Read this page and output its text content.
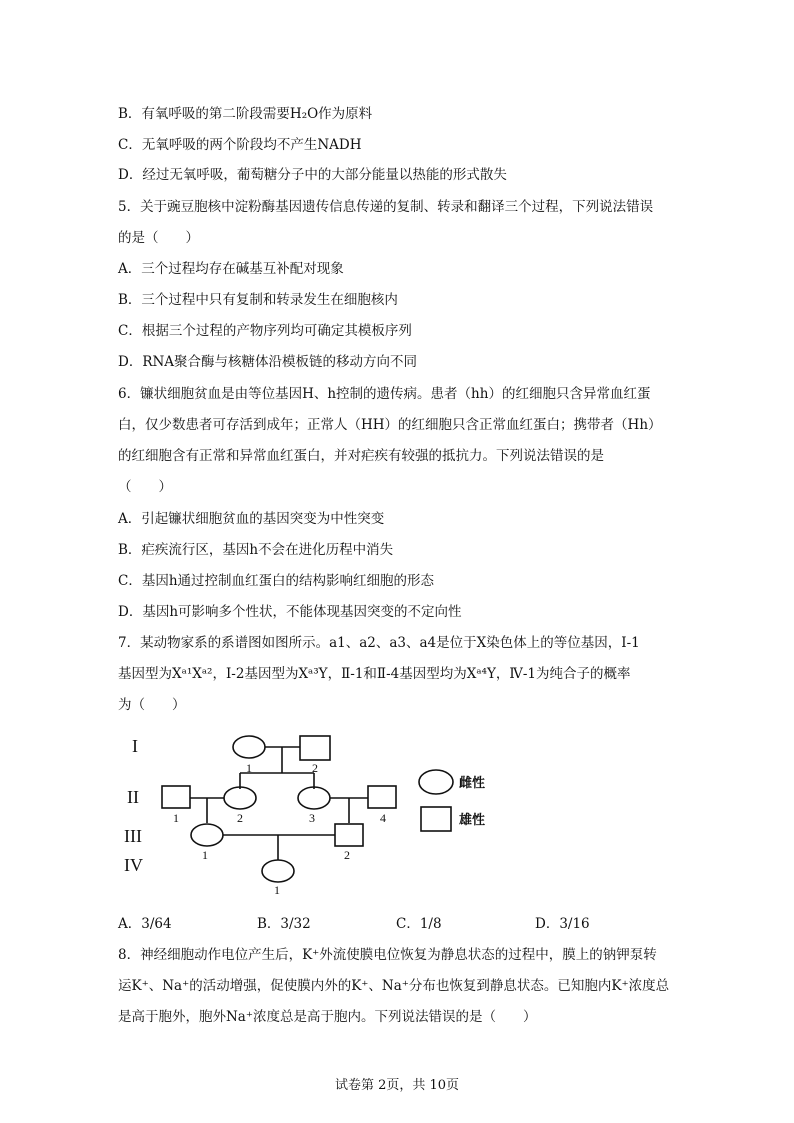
B．有氧呼吸的第二阶段需要H₂O作为原料
C．无氧呼吸的两个阶段均不产生NADH
D．经过无氧呼吸，葡萄糖分子中的大部分能量以热能的形式散失
5．关于豌豆胞核中淀粉酶基因遗传信息传递的复制、转录和翻译三个过程，下列说法错误
的是（　　）
A．三个过程均存在碱基互补配对现象
B．三个过程中只有复制和转录发生在细胞核内
C．根据三个过程的产物序列均可确定其模板序列
D．RNA聚合酶与核糖体沿模板链的移动方向不同
6．镰状细胞贫血是由等位基因H、h控制的遗传病。患者（hh）的红细胞只含异常血红蛋
白，仅少数患者可存活到成年；正常人（HH）的红细胞只含正常血红蛋白；携带者（Hh）
的红细胞含有正常和异常血红蛋白，并对疟疾有较强的抵抗力。下列说法错误的是
（　　）
A．引起镰状细胞贫血的基因突变为中性突变
B．疟疾流行区，基因h不会在进化历程中消失
C．基因h通过控制血红蛋白的结构影响红细胞的形态
D．基因h可影响多个性状，不能体现基因突变的不定向性
7．某动物家系的系谱图如图所示。a1、a2、a3、a4是位于X染色体上的等位基因，Ⅰ-1
基因型为Xᵃ¹Xᵃ²，Ⅰ-2基因型为Xᵃ³Y，Ⅱ-1和Ⅱ-4基因型均为Xᵃ⁴Y，Ⅳ-1为纯合子的概率
为（　　）
I
II
III
IV
1	2
1	2	3	4
1	2
1
雌性
雄性
A．3/64	B．3/32	C．1/8	D．3/16
8．神经细胞动作电位产生后，K⁺外流使膜电位恢复为静息状态的过程中，膜上的钠钾泵转
运K⁺、Na⁺的活动增强，促使膜内外的K⁺、Na⁺分布也恢复到静息状态。已知胞内K⁺浓度总
是高于胞外，胞外Na⁺浓度总是高于胞内。下列说法错误的是（　　）
试卷第 2页，共 10页
